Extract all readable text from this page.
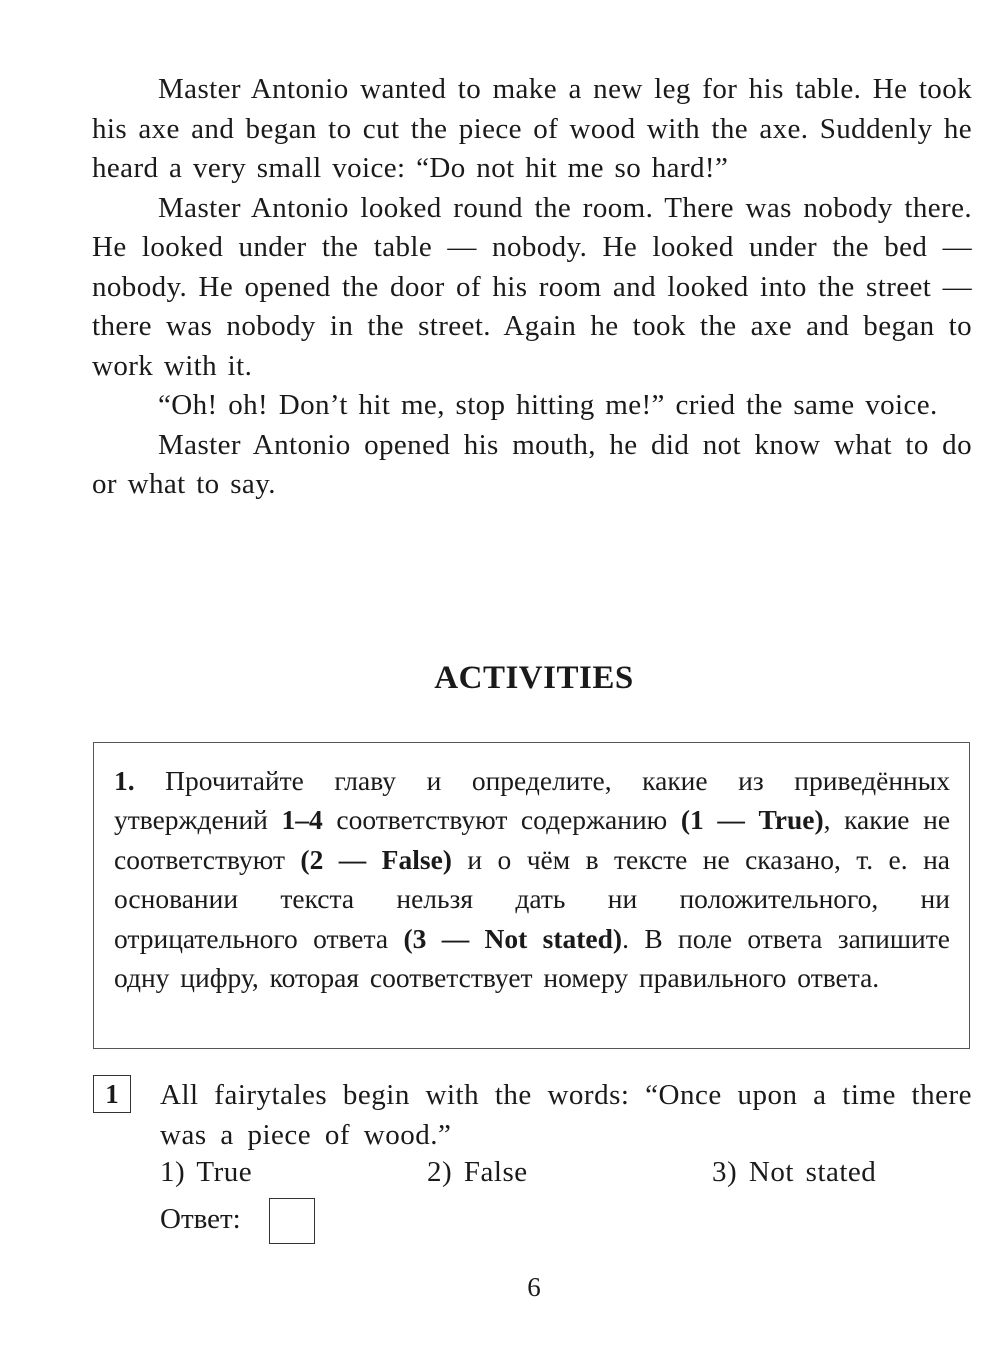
Master Antonio wanted to make a new leg for his table. He took his axe and began to cut the piece of wood with the axe. Suddenly he heard a very small voice: “Do not hit me so hard!”

Master Antonio looked round the room. There was nobody there. He looked under the table — nobody. He looked under the bed — nobody. He opened the door of his room and looked into the street — there was nobody in the street. Again he took the axe and began to work with it.

“Oh! oh! Don’t hit me, stop hitting me!” cried the same voice.

Master Antonio opened his mouth, he did not know what to do or what to say.

ACTIVITIES
1. Прочитайте главу и определите, какие из приведённых утверждений 1–4 соответствуют содержанию (1 — True), какие не соответствуют (2 — False) и о чём в тексте не сказано, т. е. на основании текста нельзя дать ни положительного, ни отрицательного ответа (3 — Not stated). В поле ответа запишите одну цифру, которая соответствует номеру правильного ответа.
1	All fairytales begin with the words: “Once upon a time there was a piece of wood.”
1) True	2) False	3) Not stated
Ответ:
6
